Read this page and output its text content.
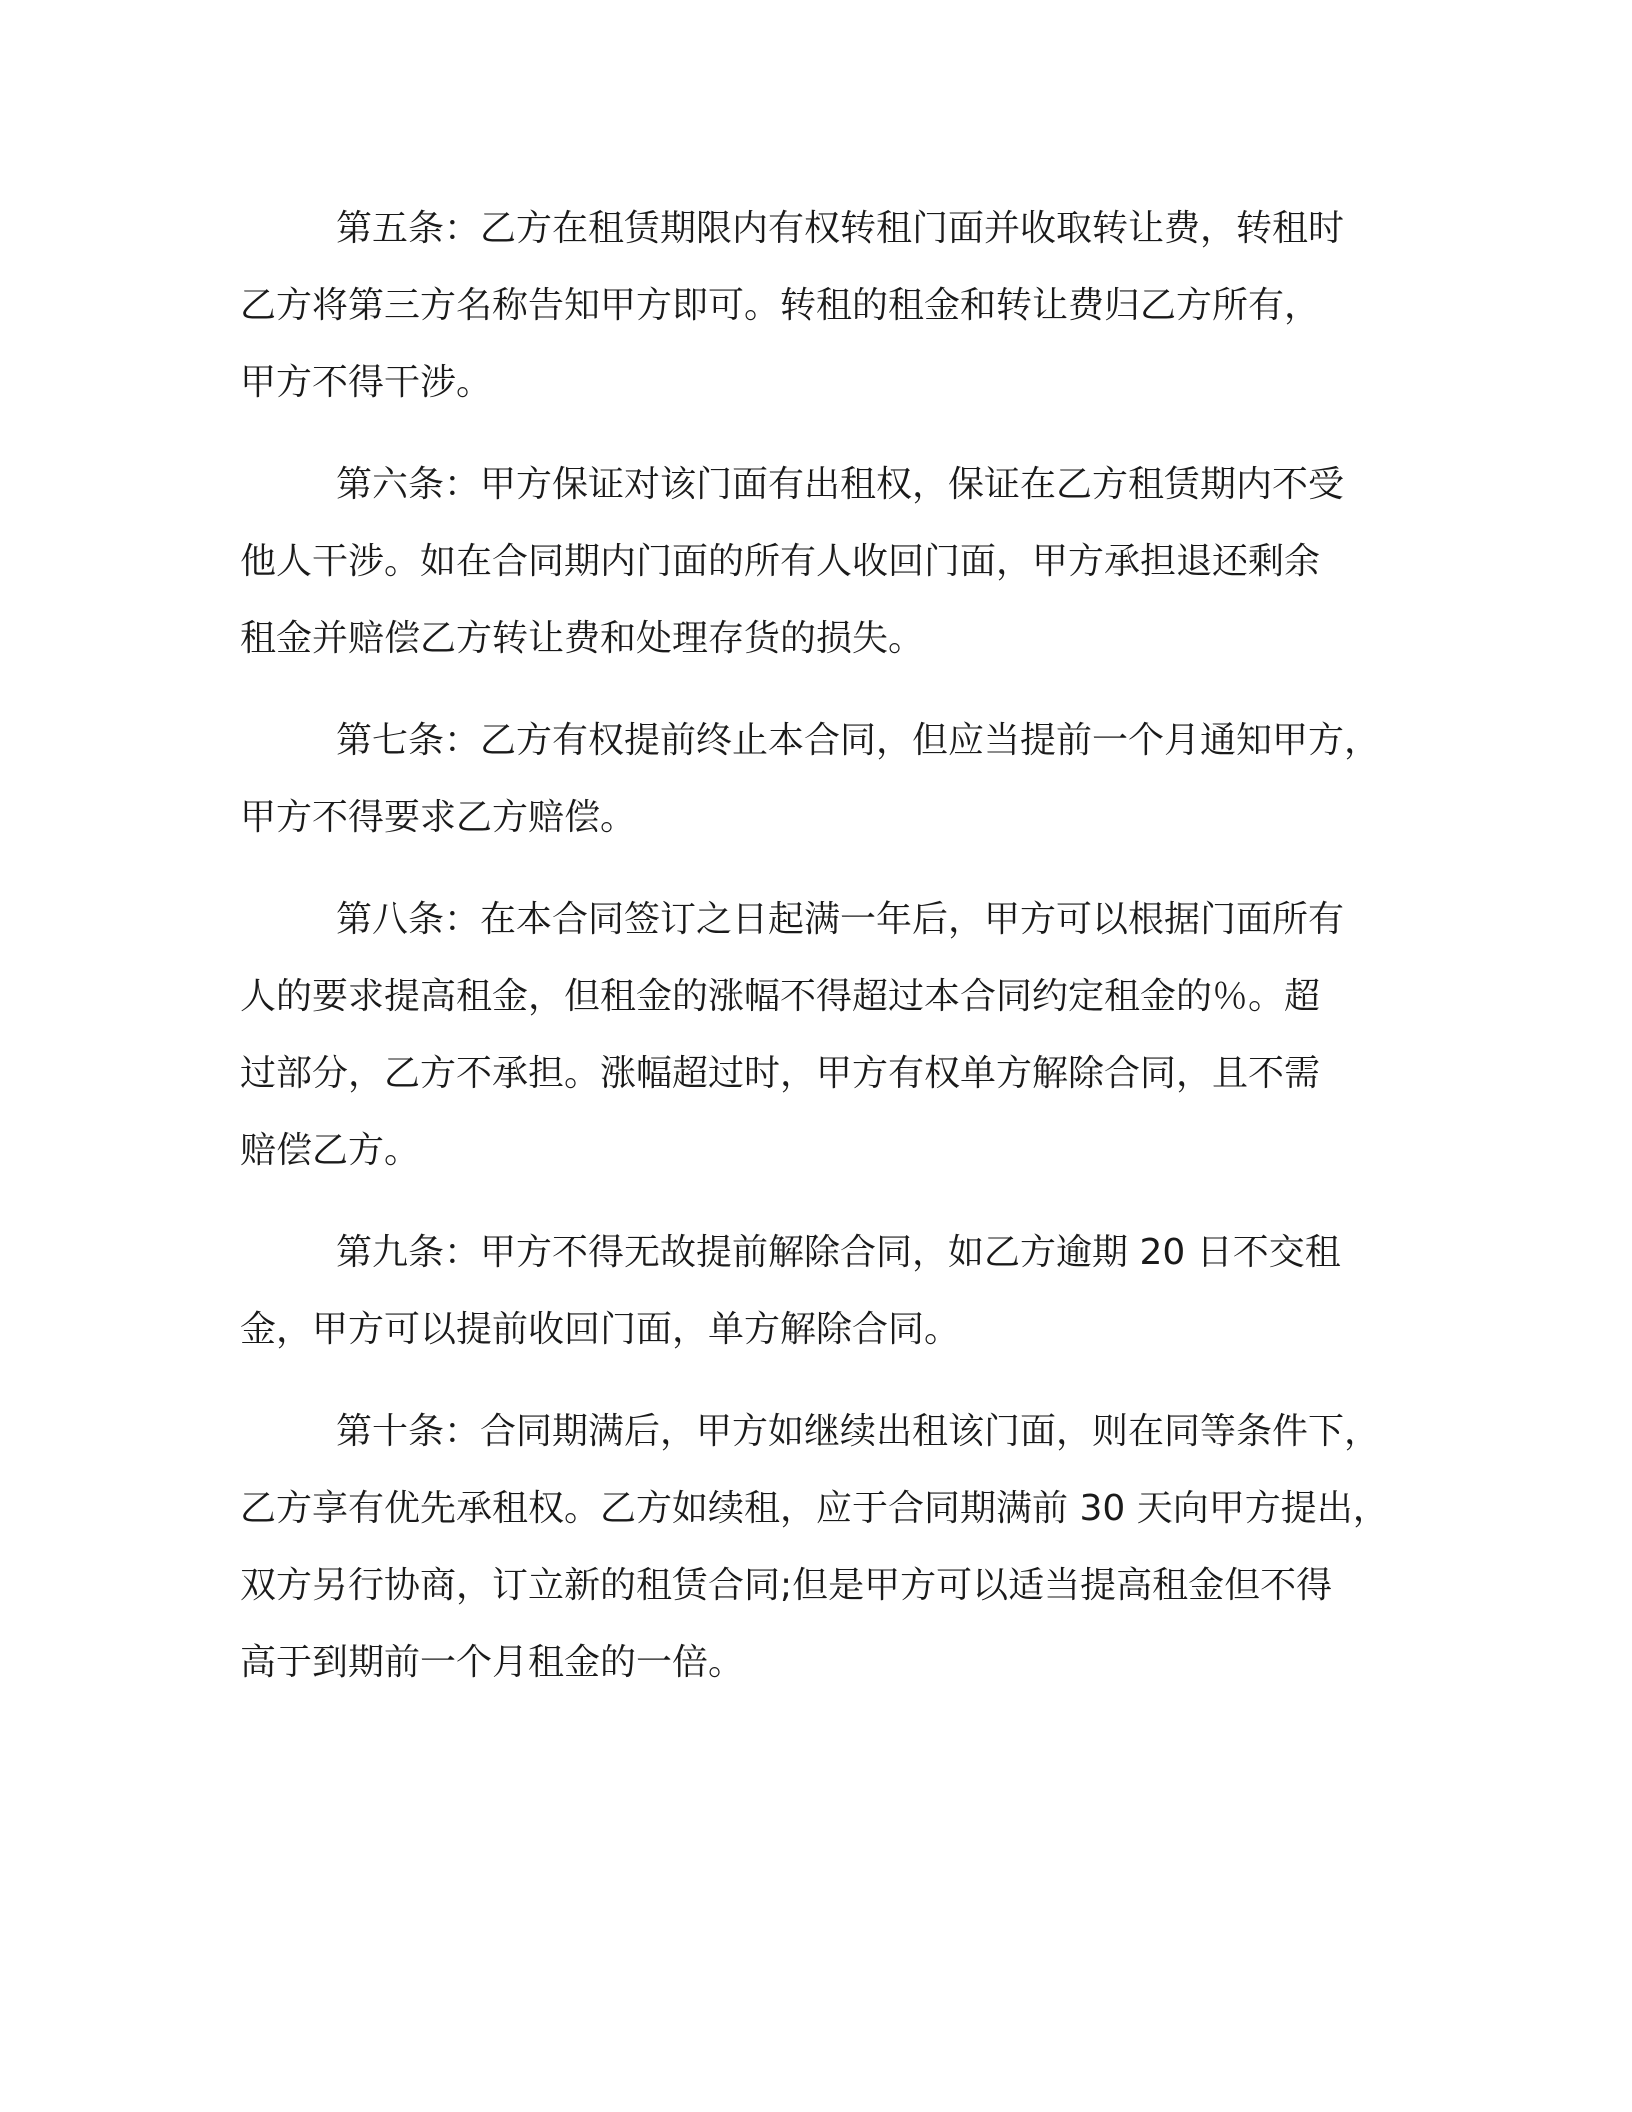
第五条：乙方在租赁期限内有权转租门面并收取转让费，转租时
乙方将第三方名称告知甲方即可。转租的租金和转让费归乙方所有，
甲方不得干涉。

第六条：甲方保证对该门面有出租权，保证在乙方租赁期内不受
他人干涉。如在合同期内门面的所有人收回门面，甲方承担退还剩余
租金并赔偿乙方转让费和处理存货的损失。

第七条：乙方有权提前终止本合同，但应当提前一个月通知甲方，
甲方不得要求乙方赔偿。

第八条：在本合同签订之日起满一年后，甲方可以根据门面所有
人的要求提高租金，但租金的涨幅不得超过本合同约定租金的％。超
过部分，乙方不承担。涨幅超过时，甲方有权单方解除合同，且不需
赔偿乙方。

第九条：甲方不得无故提前解除合同，如乙方逾期 20 日不交租
金，甲方可以提前收回门面，单方解除合同。

第十条：合同期满后，甲方如继续出租该门面，则在同等条件下，
乙方享有优先承租权。乙方如续租，应于合同期满前 30 天向甲方提出，
双方另行协商，订立新的租赁合同;但是甲方可以适当提高租金但不得
高于到期前一个月租金的一倍。
